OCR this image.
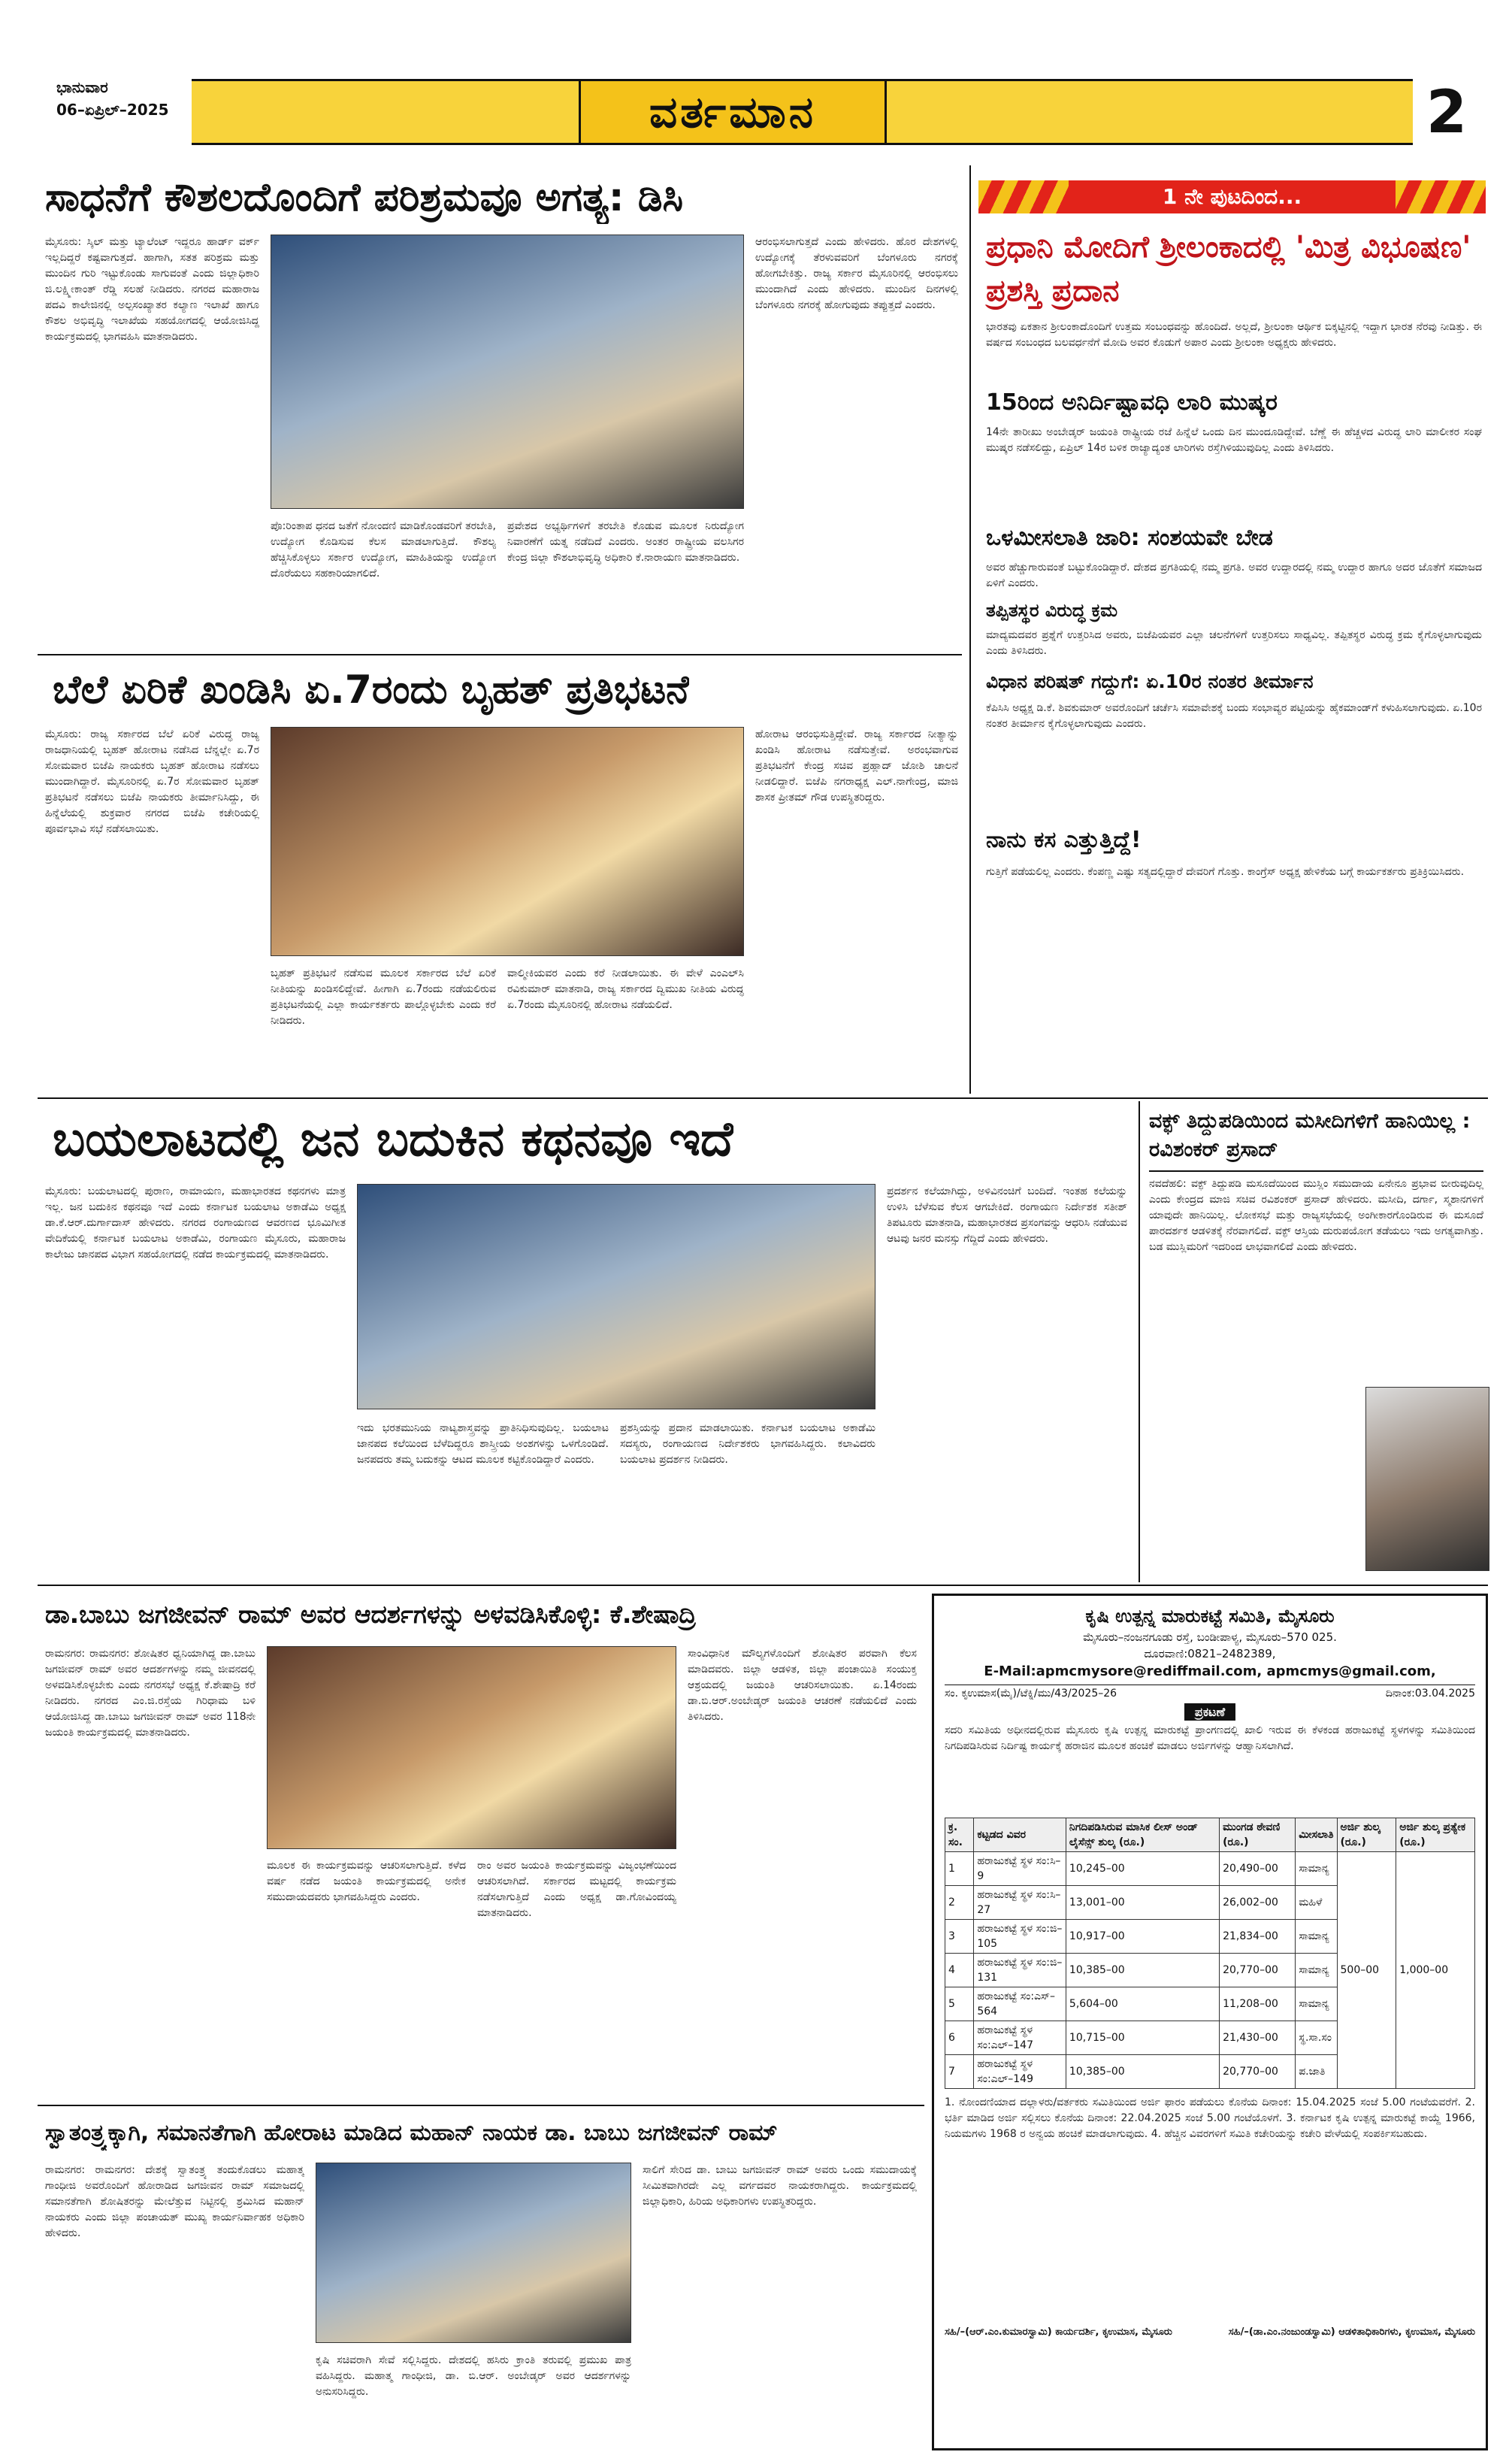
ಭಾನುವಾರ
06–ಏಪ್ರಿಲ್–2025	ವರ್ತಮಾನ	2
ಸಾಧನೆಗೆ ಕೌಶಲದೊಂದಿಗೆ ಪರಿಶ್ರಮವೂ ಅಗತ್ಯ: ಡಿಸಿ
ಮೈಸೂರು: ಸ್ಕಿಲ್ ಮತ್ತು ಟ್ಯಾಲೆಂಟ್ ಇದ್ದರೂ ಹಾರ್ಡ್ ವರ್ಕ್ ಇಲ್ಲದಿದ್ದರೆ ಕಷ್ಟವಾಗುತ್ತದೆ. ಹಾಗಾಗಿ, ಸತತ ಪರಿಶ್ರಮ ಮತ್ತು ಮುಂದಿನ ಗುರಿ ಇಟ್ಟುಕೊಂಡು ಸಾಗುವಂತೆ ಎಂದು ಜಿಲ್ಲಾಧಿಕಾರಿ ಜಿ.ಲಕ್ಷ್ಮೀಕಾಂತ್ ರೆಡ್ಡಿ ಸಲಹೆ ನೀಡಿದರು. ನಗರದ ಮಹಾರಾಜ ಪದವಿ ಕಾಲೇಜಿನಲ್ಲಿ ಅಲ್ಪಸಂಖ್ಯಾತರ ಕಲ್ಯಾಣ ಇಲಾಖೆ ಹಾಗೂ ಕೌಶಲ ಅಭಿವೃದ್ಧಿ ಇಲಾಖೆಯ ಸಹಯೋಗದಲ್ಲಿ ಆಯೋಜಿಸಿದ್ದ ಕಾರ್ಯಕ್ರಮದಲ್ಲಿ ಭಾಗವಹಿಸಿ ಮಾತನಾಡಿದರು.
ಪೊ:ರಿಂತಾಪ ಧನದ ಜತೆಗೆ ನೋಂದಣಿ ಮಾಡಿಕೊಂಡವರಿಗೆ ತರಬೇತಿ, ಉದ್ಯೋಗ ಕೊಡಿಸುವ ಕೆಲಸ ಮಾಡಲಾಗುತ್ತಿದೆ. ಕೌಶಲ್ಯ ಹೆಚ್ಚಿಸಿಕೊಳ್ಳಲು ಸರ್ಕಾರ ಉದ್ಯೋಗ, ಮಾಹಿತಿಯನ್ನು ಉದ್ಯೋಗ ದೊರೆಯಲು ಸಹಕಾರಿಯಾಗಲಿದೆ.
ಪ್ರವೇಶದ ಅಭ್ಯರ್ಥಿಗಳಿಗೆ ತರಬೇತಿ ಕೊಡುವ ಮೂಲಕ ನಿರುದ್ಯೋಗ ನಿವಾರಣೆಗೆ ಯತ್ನ ನಡೆದಿದೆ ಎಂದರು. ಅಂತರ ರಾಷ್ಟ್ರೀಯ ವಲಸಿಗರ ಕೇಂದ್ರ ಜಿಲ್ಲಾ ಕೌಶಲಾಭಿವೃದ್ಧಿ ಅಧಿಕಾರಿ ಕೆ.ನಾರಾಯಣ ಮಾತನಾಡಿದರು.
ಆರಂಭಿಸಲಾಗುತ್ತದೆ ಎಂದು ಹೇಳಿದರು. ಹೊರ ದೇಶಗಳಲ್ಲಿ ಉದ್ಯೋಗಕ್ಕೆ ತೆರಳುವವರಿಗೆ ಬೆಂಗಳೂರು ನಗರಕ್ಕೆ ಹೋಗಬೇಕಿತ್ತು. ರಾಜ್ಯ ಸರ್ಕಾರ ಮೈಸೂರಿನಲ್ಲಿ ಆರಂಭಿಸಲು ಮುಂದಾಗಿದೆ ಎಂದು ಹೇಳಿದರು. ಮುಂದಿನ ದಿನಗಳಲ್ಲಿ ಬೆಂಗಳೂರು ನಗರಕ್ಕೆ ಹೋಗುವುದು ತಪ್ಪುತ್ತದೆ ಎಂದರು.
ಬೆಲೆ ಏರಿಕೆ ಖಂಡಿಸಿ ಏ.7ರಂದು ಬೃಹತ್ ಪ್ರತಿಭಟನೆ
ಮೈಸೂರು: ರಾಜ್ಯ ಸರ್ಕಾರದ ಬೆಲೆ ಏರಿಕೆ ವಿರುದ್ಧ ರಾಜ್ಯ ರಾಜಧಾನಿಯಲ್ಲಿ ಬೃಹತ್ ಹೋರಾಟ ನಡೆಸಿದ ಬೆನ್ನಲ್ಲೇ ಏ.7ರ ಸೋಮವಾರ ಬಿಜೆಪಿ ನಾಯಕರು ಬೃಹತ್ ಹೋರಾಟ ನಡೆಸಲು ಮುಂದಾಗಿದ್ದಾರೆ. ಮೈಸೂರಿನಲ್ಲಿ ಏ.7ರ ಸೋಮವಾರ ಬೃಹತ್ ಪ್ರತಿಭಟನೆ ನಡೆಸಲು ಬಿಜೆಪಿ ನಾಯಕರು ತೀರ್ಮಾನಿಸಿದ್ದು, ಈ ಹಿನ್ನೆಲೆಯಲ್ಲಿ ಶುಕ್ರವಾರ ನಗರದ ಬಿಜೆಪಿ ಕಚೇರಿಯಲ್ಲಿ ಪೂರ್ವಭಾವಿ ಸಭೆ ನಡೆಸಲಾಯಿತು.
ಬೃಹತ್ ಪ್ರತಿಭಟನೆ ನಡೆಸುವ ಮೂಲಕ ಸರ್ಕಾರದ ಬೆಲೆ ಏರಿಕೆ ನೀತಿಯನ್ನು ಖಂಡಿಸಲಿದ್ದೇವೆ. ಹೀಗಾಗಿ ಏ.7ರಂದು ನಡೆಯಲಿರುವ ಪ್ರತಿಭಟನೆಯಲ್ಲಿ ಎಲ್ಲಾ ಕಾರ್ಯಕರ್ತರು ಪಾಲ್ಗೊಳ್ಳಬೇಕು ಎಂದು ಕರೆ ನೀಡಿದರು.
ವಾಲ್ಮೀಕಿಯವರ ಎಂದು ಕರೆ ನೀಡಲಾಯಿತು. ಈ ವೇಳೆ ಎಂಎಲ್‌ಸಿ ರವಿಕುಮಾರ್ ಮಾತನಾಡಿ, ರಾಜ್ಯ ಸರ್ಕಾರದ ದ್ವಿಮುಖ ನೀತಿಯ ವಿರುದ್ಧ ಏ.7ರಂದು ಮೈಸೂರಿನಲ್ಲಿ ಹೋರಾಟ ನಡೆಯಲಿದೆ.
ಹೋರಾಟ ಆರಂಭಿಸುತ್ತಿದ್ದೇವೆ. ರಾಜ್ಯ ಸರ್ಕಾರದ ನೀತ್ಯಾನ್ನು ಖಂಡಿಸಿ ಹೋರಾಟ ನಡೆಸುತ್ತೇವೆ. ಅರಂಭವಾಗುವ ಪ್ರತಿಭಟನೆಗೆ ಕೇಂದ್ರ ಸಚಿವ ಪ್ರಹ್ಲಾದ್ ಜೋಶಿ ಚಾಲನೆ ನೀಡಲಿದ್ದಾರೆ. ಬಿಜೆಪಿ ನಗರಾಧ್ಯಕ್ಷ ಎಲ್.ನಾಗೇಂದ್ರ, ಮಾಜಿ ಶಾಸಕ ಪ್ರೀತಮ್ ಗೌಡ ಉಪಸ್ಥಿತರಿದ್ದರು.
1 ನೇ ಪುಟದಿಂದ...
ಪ್ರಧಾನಿ ಮೋದಿಗೆ ಶ್ರೀಲಂಕಾದಲ್ಲಿ 'ಮಿತ್ರ ವಿಭೂಷಣ' ಪ್ರಶಸ್ತಿ ಪ್ರದಾನ
ಭಾರತವು ಏಕತಾನ ಶ್ರೀಲಂಕಾದೊಂದಿಗೆ ಉತ್ತಮ ಸಂಬಂಧವನ್ನು ಹೊಂದಿದೆ. ಅಲ್ಲದೆ, ಶ್ರೀಲಂಕಾ ಆರ್ಥಿಕ ಬಿಕ್ಕಟ್ಟಿನಲ್ಲಿ ಇದ್ದಾಗ ಭಾರತ ನೆರವು ನೀಡಿತ್ತು. ಈ ವರ್ಷದ ಸಂಬಂಧದ ಬಲವರ್ಧನೆಗೆ ಮೋದಿ ಅವರ ಕೊಡುಗೆ ಅಪಾರ ಎಂದು ಶ್ರೀಲಂಕಾ ಅಧ್ಯಕ್ಷರು ಹೇಳಿದರು.
15ರಿಂದ ಅನಿರ್ದಿಷ್ಟಾವಧಿ ಲಾರಿ ಮುಷ್ಕರ
14ನೇ ತಾರೀಖು ಅಂಬೇಡ್ಕರ್ ಜಯಂತಿ ರಾಷ್ಟ್ರೀಯ ರಜೆ ಹಿನ್ನೆಲೆ ಒಂದು ದಿನ ಮುಂದೂಡಿದ್ದೇವೆ. ಬೆಣ್ಣೆ ಈ ಹೆಚ್ಚಳದ ವಿರುದ್ಧ ಲಾರಿ ಮಾಲೀಕರ ಸಂಘ ಮುಷ್ಕರ ನಡೆಸಲಿದ್ದು, ಏಪ್ರಿಲ್ 14ರ ಬಳಿಕ ರಾಜ್ಯಾದ್ಯಂತ ಲಾರಿಗಳು ರಸ್ತೆಗಿಳಿಯುವುದಿಲ್ಲ ಎಂದು ತಿಳಿಸಿದರು.
ಒಳಮೀಸಲಾತಿ ಜಾರಿ: ಸಂಶಯವೇ ಬೇಡ
ಅವರ ಹೆಚ್ಚುಗಾರುವಂತೆ ಬಟ್ಟುಕೊಂಡಿದ್ದಾರೆ. ದೇಶದ ಪ್ರಗತಿಯಲ್ಲಿ ನಮ್ಮ ಪ್ರಗತಿ. ಅವರ ಉದ್ದಾರದಲ್ಲಿ ನಮ್ಮ ಉದ್ದಾರ ಹಾಗೂ ಅದರ ಜೊತೆಗೆ ಸಮಾಜದ ಏಳಿಗೆ ಎಂದರು.
ತಪ್ಪಿತಸ್ಥರ ವಿರುದ್ಧ ಕ್ರಮ
ಮಾದ್ಯಮದವರ ಪ್ರಶ್ನೆಗೆ ಉತ್ತರಿಸಿದ ಅವರು, ಬಿಜೆಪಿಯವರ ಎಲ್ಲಾ ಚಲನೆಗಳಿಗೆ ಉತ್ತರಿಸಲು ಸಾಧ್ಯವಿಲ್ಲ. ತಪ್ಪಿತಸ್ಥರ ವಿರುದ್ಧ ಕ್ರಮ ಕೈಗೊಳ್ಳಲಾಗುವುದು ಎಂದು ತಿಳಿಸಿದರು.
ವಿಧಾನ ಪರಿಷತ್ ಗದ್ದುಗೆ: ಏ.10ರ ನಂತರ ತೀರ್ಮಾನ
ಕೆಪಿಸಿಸಿ ಅಧ್ಯಕ್ಷ ಡಿ.ಕೆ. ಶಿವಕುಮಾರ್ ಅವರೊಂದಿಗೆ ಚರ್ಚೆಸಿ ಸಮಾವೇಶಕ್ಕೆ ಬಂದು ಸಂಭಾವ್ಯರ ಪಟ್ಟಿಯನ್ನು ಹೈಕಮಾಂಡ್‌ಗೆ ಕಳುಹಿಸಲಾಗುವುದು. ಏ.10ರ ನಂತರ ತೀರ್ಮಾನ ಕೈಗೊಳ್ಳಲಾಗುವುದು ಎಂದರು.
ನಾನು ಕಸ ಎತ್ತುತ್ತಿದ್ದೆ!
ಗುತ್ತಿಗೆ ಪಡೆಯಲಿಲ್ಲ ಎಂದರು. ಕೆಂಪಣ್ಣ ಎಷ್ಟು ಸತ್ಯದಲ್ಲಿದ್ದಾರೆ ದೇವರಿಗೆ ಗೊತ್ತು. ಕಾಂಗ್ರೆಸ್ ಅಧ್ಯಕ್ಷ ಹೇಳಿಕೆಯ ಬಗ್ಗೆ ಕಾರ್ಯಕರ್ತರು ಪ್ರತಿಕ್ರಿಯಿಸಿದರು.
ಬಯಲಾಟದಲ್ಲಿ ಜನ ಬದುಕಿನ ಕಥನವೂ ಇದೆ
ಮೈಸೂರು: ಬಯಲಾಟದಲ್ಲಿ ಪುರಾಣ, ರಾಮಾಯಣ, ಮಹಾಭಾರತದ ಕಥನಗಳು ಮಾತ್ರ ಇಲ್ಲ. ಜನ ಬದುಕಿನ ಕಥನವೂ ಇದೆ ಎಂದು ಕರ್ನಾಟಕ ಬಯಲಾಟ ಅಕಾಡೆಮಿ ಅಧ್ಯಕ್ಷ ಡಾ.ಕೆ.ಆರ್.ದುರ್ಗಾದಾಸ್ ಹೇಳಿದರು. ನಗರದ ರಂಗಾಯಣದ ಆವರಣದ ಭೂಮಿಗೀತ ವೇದಿಕೆಯಲ್ಲಿ ಕರ್ನಾಟಕ ಬಯಲಾಟ ಅಕಾಡೆಮಿ, ರಂಗಾಯಣ ಮೈಸೂರು, ಮಹಾರಾಜ ಕಾಲೇಜು ಜಾನಪದ ವಿಭಾಗ ಸಹಯೋಗದಲ್ಲಿ ನಡೆದ ಕಾರ್ಯಕ್ರಮದಲ್ಲಿ ಮಾತನಾಡಿದರು.
ಇದು ಭರತಮುನಿಯ ನಾಟ್ಯಶಾಸ್ತ್ರವನ್ನು ಪ್ರಾತಿನಿಧಿಸುವುದಿಲ್ಲ. ಬಯಲಾಟ ಜಾನಪದ ಕಲೆಯಿಂದ ಬೆಳೆದಿದ್ದರೂ ಶಾಸ್ತ್ರೀಯ ಅಂಶಗಳನ್ನು ಒಳಗೊಂಡಿದೆ. ಜನಪದರು ತಮ್ಮ ಬದುಕನ್ನು ಆಟದ ಮೂಲಕ ಕಟ್ಟಿಕೊಂಡಿದ್ದಾರೆ ಎಂದರು.
ಪ್ರಶಸ್ತಿಯನ್ನು ಪ್ರದಾನ ಮಾಡಲಾಯಿತು. ಕರ್ನಾಟಕ ಬಯಲಾಟ ಅಕಾಡೆಮಿ ಸದಸ್ಯರು, ರಂಗಾಯಣದ ನಿರ್ದೇಶಕರು ಭಾಗವಹಿಸಿದ್ದರು. ಕಲಾವಿದರು ಬಯಲಾಟ ಪ್ರದರ್ಶನ ನೀಡಿದರು.
ಪ್ರದರ್ಶನ ಕಲೆಯಾಗಿದ್ದು, ಅಳಿವಿನಂಚಿಗೆ ಬಂದಿದೆ. ಇಂತಹ ಕಲೆಯನ್ನು ಉಳಿಸಿ ಬೆಳೆಸುವ ಕೆಲಸ ಆಗಬೇಕಿದೆ. ರಂಗಾಯಣ ನಿರ್ದೇಶಕ ಸತೀಶ್ ತಿಪಟೂರು ಮಾತನಾಡಿ, ಮಹಾಭಾರತದ ಪ್ರಸಂಗವನ್ನು ಆಧರಿಸಿ ನಡೆಯುವ ಆಟವು ಜನರ ಮನಸ್ಸು ಗೆದ್ದಿದೆ ಎಂದು ಹೇಳಿದರು.
ವಕ್ಫ್ ತಿದ್ದುಪಡಿಯಿಂದ ಮಸೀದಿಗಳಿಗೆ ಹಾನಿಯಿಲ್ಲ : ರವಿಶಂಕರ್ ಪ್ರಸಾದ್
ನವದೆಹಲಿ: ವಕ್ಫ್ ತಿದ್ದುಪಡಿ ಮಸೂದೆಯಿಂದ ಮುಸ್ಲಿಂ ಸಮುದಾಯ ಏನೇನೂ ಪ್ರಭಾವ ಬೀರುವುದಿಲ್ಲ ಎಂದು ಕೇಂದ್ರದ ಮಾಜಿ ಸಚಿವ ರವಿಶಂಕರ್ ಪ್ರಸಾದ್ ಹೇಳಿದರು. ಮಸೀದಿ, ದರ್ಗಾ, ಸ್ಮಶಾನಗಳಿಗೆ ಯಾವುದೇ ಹಾನಿಯಿಲ್ಲ. ಲೋಕಸಭೆ ಮತ್ತು ರಾಜ್ಯಸಭೆಯಲ್ಲಿ ಅಂಗೀಕಾರಗೊಂಡಿರುವ ಈ ಮಸೂದೆ ಪಾರದರ್ಶಕ ಆಡಳಿತಕ್ಕೆ ನೆರವಾಗಲಿದೆ. ವಕ್ಫ್ ಆಸ್ತಿಯ ದುರುಪಯೋಗ ತಡೆಯಲು ಇದು ಅಗತ್ಯವಾಗಿತ್ತು. ಬಡ ಮುಸ್ಲಿಮರಿಗೆ ಇದರಿಂದ ಲಾಭವಾಗಲಿದೆ ಎಂದು ಹೇಳಿದರು.
ಡಾ.ಬಾಬು ಜಗಜೀವನ್ ರಾಮ್ ಅವರ ಆದರ್ಶಗಳನ್ನು ಅಳವಡಿಸಿಕೊಳ್ಳಿ: ಕೆ.ಶೇಷಾದ್ರಿ
ರಾಮನಗರ: ರಾಮನಗರ: ಶೋಷಿತರ ಧ್ವನಿಯಾಗಿದ್ದ ಡಾ.ಬಾಬು ಜಗಜೀವನ್ ರಾಮ್ ಅವರ ಆದರ್ಶಗಳನ್ನು ನಮ್ಮ ಜೀವನದಲ್ಲಿ ಅಳವಡಿಸಿಕೊಳ್ಳಬೇಕು ಎಂದು ನಗರಸಭೆ ಅಧ್ಯಕ್ಷ ಕೆ.ಶೇಷಾದ್ರಿ ಕರೆ ನೀಡಿದರು. ನಗರದ ಎಂ.ಜಿ.ರಸ್ತೆಯ ಗಿರಿಧಾಮ ಬಳಿ ಆಯೋಜಿಸಿದ್ದ ಡಾ.ಬಾಬು ಜಗಜೀವನ್ ರಾಮ್ ಅವರ 118ನೇ ಜಯಂತಿ ಕಾರ್ಯಕ್ರಮದಲ್ಲಿ ಮಾತನಾಡಿದರು.
ಮೂಲಕ ಈ ಕಾರ್ಯಕ್ರಮವನ್ನು ಆಚರಿಸಲಾಗುತ್ತಿದೆ. ಕಳೆದ ವರ್ಷ ನಡೆದ ಜಯಂತಿ ಕಾರ್ಯಕ್ರಮದಲ್ಲಿ ಅನೇಕ ಸಮುದಾಯದವರು ಭಾಗವಹಿಸಿದ್ದರು ಎಂದರು.
ರಾಂ ಅವರ ಜಯಂತಿ ಕಾರ್ಯಕ್ರಮವನ್ನು ವಿಜೃಂಭಣೆಯಿಂದ ಆಚರಿಸಲಾಗಿದೆ. ಸರ್ಕಾರದ ಮಟ್ಟದಲ್ಲಿ ಕಾರ್ಯಕ್ರಮ ನಡೆಸಲಾಗುತ್ತಿದೆ ಎಂದು ಅಧ್ಯಕ್ಷ ಡಾ.ಗೋವಿಂದಯ್ಯ ಮಾತನಾಡಿದರು.
ಸಾಂವಿಧಾನಿಕ ಮೌಲ್ಯಗಳೊಂದಿಗೆ ಶೋಷಿತರ ಪರವಾಗಿ ಕೆಲಸ ಮಾಡಿದವರು. ಜಿಲ್ಲಾ ಆಡಳಿತ, ಜಿಲ್ಲಾ ಪಂಚಾಯಿತಿ ಸಂಯುಕ್ತ ಆಶ್ರಯದಲ್ಲಿ ಜಯಂತಿ ಆಚರಿಸಲಾಯಿತು. ಏ.14ರಂದು ಡಾ.ಬಿ.ಆರ್.ಅಂಬೇಡ್ಕರ್ ಜಯಂತಿ ಆಚರಣೆ ನಡೆಯಲಿದೆ ಎಂದು ತಿಳಿಸಿದರು.
ಸ್ವಾತಂತ್ರ್ಯಕ್ಕಾಗಿ, ಸಮಾನತೆಗಾಗಿ ಹೋರಾಟ ಮಾಡಿದ ಮಹಾನ್ ನಾಯಕ ಡಾ. ಬಾಬು ಜಗಜೀವನ್ ರಾಮ್
ರಾಮನಗರ: ರಾಮನಗರ: ದೇಶಕ್ಕೆ ಸ್ವಾತಂತ್ರ್ಯ ತಂದುಕೊಡಲು ಮಹಾತ್ಮ ಗಾಂಧೀಜಿ ಅವರೊಂದಿಗೆ ಹೋರಾಡಿದ ಜಗಜೀವನ ರಾಮ್ ಸಮಾಜದಲ್ಲಿ ಸಮಾನತೆಗಾಗಿ ಶೋಷಿತರನ್ನು ಮೇಲೆತ್ತುವ ನಿಟ್ಟಿನಲ್ಲಿ ಶ್ರಮಿಸಿದ ಮಹಾನ್ ನಾಯಕರು ಎಂದು ಜಿಲ್ಲಾ ಪಂಚಾಯತ್ ಮುಖ್ಯ ಕಾರ್ಯನಿರ್ವಾಹಕ ಅಧಿಕಾರಿ ಹೇಳಿದರು.
ಕೃಷಿ ಸಚಿವರಾಗಿ ಸೇವೆ ಸಲ್ಲಿಸಿದ್ದರು. ದೇಶದಲ್ಲಿ ಹಸಿರು ಕ್ರಾಂತಿ ತರುವಲ್ಲಿ ಪ್ರಮುಖ ಪಾತ್ರ ವಹಿಸಿದ್ದರು. ಮಹಾತ್ಮ ಗಾಂಧೀಜಿ, ಡಾ. ಬಿ.ಆರ್. ಅಂಬೇಡ್ಕರ್ ಅವರ ಆದರ್ಶಗಳನ್ನು ಅನುಸರಿಸಿದ್ದರು.
ಸಾಲಿಗೆ ಸೇರಿದ ಡಾ. ಬಾಬು ಜಗಜೀವನ್ ರಾಮ್ ಅವರು ಒಂದು ಸಮುದಾಯಕ್ಕೆ ಸೀಮಿತವಾಗಿರದೇ ಎಲ್ಲ ವರ್ಗದವರ ನಾಯಕರಾಗಿದ್ದರು. ಕಾರ್ಯಕ್ರಮದಲ್ಲಿ ಜಿಲ್ಲಾಧಿಕಾರಿ, ಹಿರಿಯ ಅಧಿಕಾರಿಗಳು ಉಪಸ್ಥಿತರಿದ್ದರು.
ಕೃಷಿ ಉತ್ಪನ್ನ ಮಾರುಕಟ್ಟೆ ಸಮಿತಿ, ಮೈಸೂರು
ಮೈಸೂರು–ನಂಜನಗೂಡು ರಸ್ತೆ, ಬಂಡೀಪಾಳ್ಯ, ಮೈಸೂರು–570 025.
ದೂರವಾಣಿ:0821–2482389,
E-Mail:apmcmysore@rediffmail.com, apmcmys@gmail.com,
ಸಂ. ಕೃಉಮಾಸ(ಮೈ)/ಟೆಕ್ನಿ/ಮು/43/2025–26	ದಿನಾಂಕ:03.04.2025
ಪ್ರಕಟಣೆ
ಸದರಿ ಸಮಿತಿಯ ಅಧೀನದಲ್ಲಿರುವ ಮೈಸೂರು ಕೃಷಿ ಉತ್ಪನ್ನ ಮಾರುಕಟ್ಟೆ ಪ್ರಾಂಗಣದಲ್ಲಿ ಖಾಲಿ ಇರುವ ಈ ಕೆಳಕಂಡ ಹರಾಜುಕಟ್ಟೆ ಸ್ಥಳಗಳನ್ನು ಸಮಿತಿಯಿಂದ ನಿಗದಿಪಡಿಸಿರುವ ನಿರ್ದಿಷ್ಟ ಕಾರ್ಯಕ್ಕೆ ಹರಾಜಿನ ಮೂಲಕ ಹಂಚಿಕೆ ಮಾಡಲು ಅರ್ಜಿಗಳನ್ನು ಆಹ್ವಾನಿಸಲಾಗಿದೆ.
ಕ್ರ. ಸಂ.	ಕಟ್ಟಡದ ವಿವರ	ನಿಗದಿಪಡಿಸಿರುವ ಮಾಸಿಕ ಲೀಸ್ ಅಂಡ್ ಲೈಸೆನ್ಸ್ ಶುಲ್ಕ (ರೂ.)	ಮುಂಗಡ ಠೇವಣಿ (ರೂ.)	ಮೀಸಲಾತಿ	ಅರ್ಜಿ ಶುಲ್ಕ (ರೂ.)	ಅರ್ಜಿ ಶುಲ್ಕ ಪ್ರತ್ಯೇಕ (ರೂ.)
1	ಹರಾಜುಕಟ್ಟೆ ಸ್ಥಳ ಸಂ:ಸಿ–9	10,245–00	20,490–00	ಸಾಮಾನ್ಯ	500–00	1,000–00
2	ಹರಾಜುಕಟ್ಟೆ ಸ್ಥಳ ಸಂ:ಸಿ–27	13,001–00	26,002–00	ಮಹಿಳೆ		
3	ಹರಾಜುಕಟ್ಟೆ ಸ್ಥಳ ಸಂ:ಜಿ–105	10,917–00	21,834–00	ಸಾಮಾನ್ಯ		
4	ಹರಾಜುಕಟ್ಟೆ ಸ್ಥಳ ಸಂ:ಜಿ–131	10,385–00	20,770–00	ಸಾಮಾನ್ಯ		
5	ಹರಾಜುಕಟ್ಟೆ ಸಂ:ಎಸ್–564	5,604–00	11,208–00	ಸಾಮಾನ್ಯ		
6	ಹರಾಜುಕಟ್ಟೆ ಸ್ಥಳ ಸಂ:ಎಲ್–147	10,715–00	21,430–00	ಸ್ಥ.ಸಾ.ಸಂ		
7	ಹರಾಜುಕಟ್ಟೆ ಸ್ಥಳ ಸಂ:ಎಲ್–149	10,385–00	20,770–00	ಪ.ಜಾತಿ		
1. ನೋಂದಣಿಯಾದ ದಲ್ಲಾಳರು/ವರ್ತಕರು ಸಮಿತಿಯಿಂದ ಅರ್ಜಿ ಫಾರಂ ಪಡೆಯಲು ಕೊನೆಯ ದಿನಾಂಕ: 15.04.2025 ಸಂಜೆ 5.00 ಗಂಟೆಯವರೆಗೆ. 2. ಭರ್ತಿ ಮಾಡಿದ ಅರ್ಜಿ ಸಲ್ಲಿಸಲು ಕೊನೆಯ ದಿನಾಂಕ: 22.04.2025 ಸಂಜೆ 5.00 ಗಂಟೆಯೊಳಗೆ. 3. ಕರ್ನಾಟಕ ಕೃಷಿ ಉತ್ಪನ್ನ ಮಾರುಕಟ್ಟೆ ಕಾಯ್ದೆ 1966, ನಿಯಮಗಳು 1968 ರ ಅನ್ವಯ ಹಂಚಿಕೆ ಮಾಡಲಾಗುವುದು. 4. ಹೆಚ್ಚಿನ ವಿವರಗಳಿಗೆ ಸಮಿತಿ ಕಚೇರಿಯನ್ನು ಕಚೇರಿ ವೇಳೆಯಲ್ಲಿ ಸಂಪರ್ಕಿಸಬಹುದು.
ಸಹಿ/–(ಆರ್.ಎಂ.ಕುಮಾರಸ್ವಾಮಿ) ಕಾರ್ಯದರ್ಶಿ, ಕೃಉಮಾಸ, ಮೈಸೂರು	ಸಹಿ/–(ಡಾ.ಎಂ.ನಂಜುಂಡಸ್ವಾಮಿ) ಆಡಳಿತಾಧಿಕಾರಿಗಳು, ಕೃಉಮಾಸ, ಮೈಸೂರು
